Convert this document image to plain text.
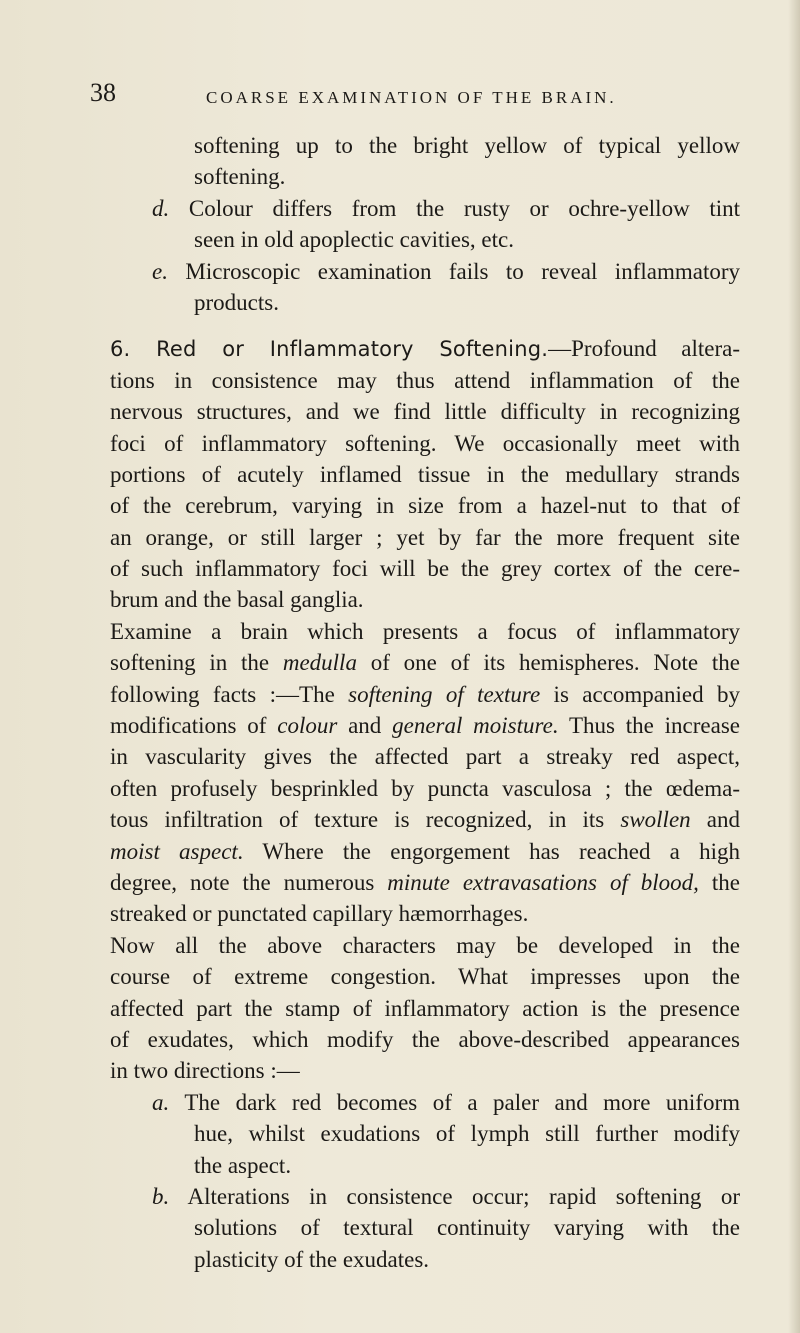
38	COARSE EXAMINATION OF THE BRAIN.
softening up to the bright yellow of typical yellow
softening.
d. Colour differs from the rusty or ochre-yellow tint
seen in old apoplectic cavities, etc.
e. Microscopic examination fails to reveal inflammatory
products.
6. Red or Inflammatory Softening.—Profound altera-
tions in consistence may thus attend inflammation of the
nervous structures, and we find little difficulty in recognizing
foci of inflammatory softening. We occasionally meet with
portions of acutely inflamed tissue in the medullary strands
of the cerebrum, varying in size from a hazel-nut to that of
an orange, or still larger ; yet by far the more frequent site
of such inflammatory foci will be the grey cortex of the cere-
brum and the basal ganglia.
Examine a brain which presents a focus of inflammatory
softening in the medulla of one of its hemispheres. Note the
following facts :—The softening of texture is accompanied by
modifications of colour and general moisture. Thus the increase
in vascularity gives the affected part a streaky red aspect,
often profusely besprinkled by puncta vasculosa ; the œdema-
tous infiltration of texture is recognized, in its swollen and
moist aspect. Where the engorgement has reached a high
degree, note the numerous minute extravasations of blood, the
streaked or punctated capillary hæmorrhages.
Now all the above characters may be developed in the
course of extreme congestion. What impresses upon the
affected part the stamp of inflammatory action is the presence
of exudates, which modify the above-described appearances
in two directions :—
a. The dark red becomes of a paler and more uniform
hue, whilst exudations of lymph still further modify
the aspect.
b. Alterations in consistence occur; rapid softening or
solutions of textural continuity varying with the
plasticity of the exudates.
